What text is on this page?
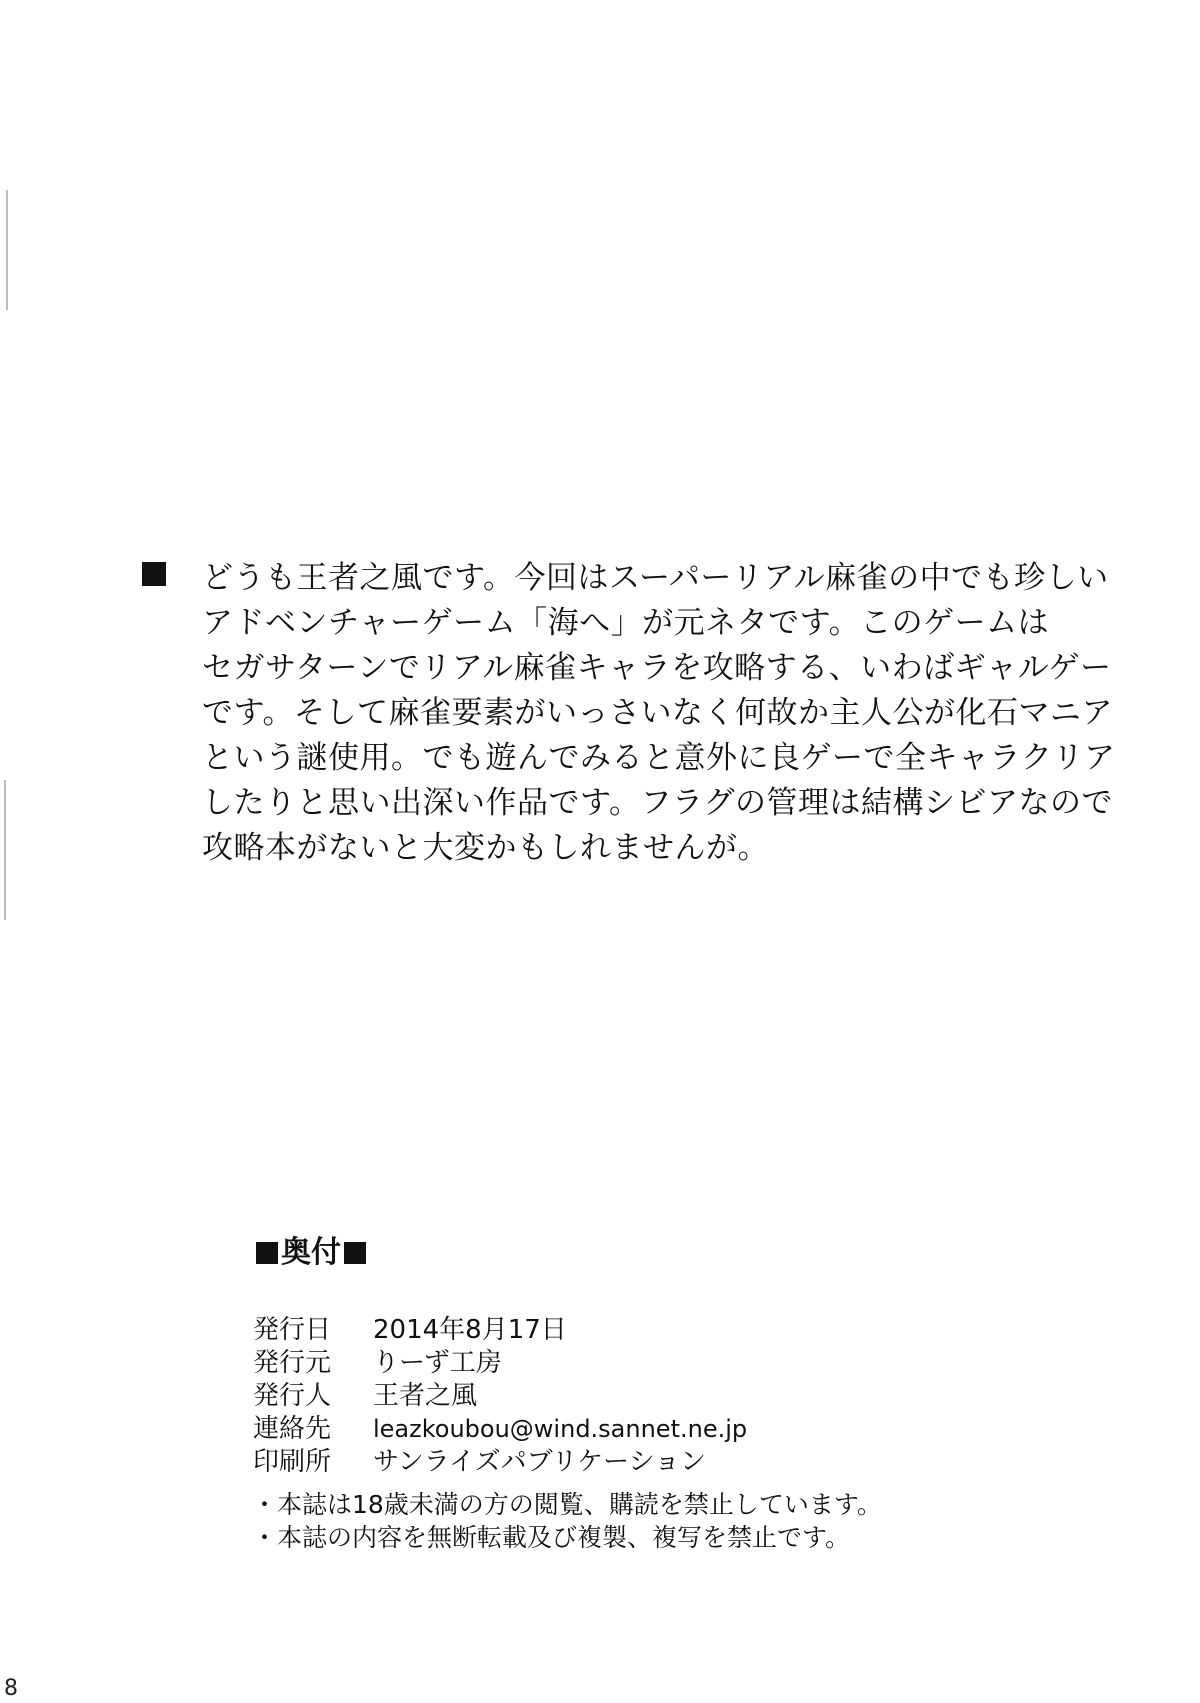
どうも王者之風です。今回はスーパーリアル麻雀の中でも珍しい
アドベンチャーゲーム「海へ」が元ネタです。このゲームは
セガサターンでリアル麻雀キャラを攻略する、いわばギャルゲー
です。そして麻雀要素がいっさいなく何故か主人公が化石マニア
という謎使用。でも遊んでみると意外に良ゲーで全キャラクリア
したりと思い出深い作品です。フラグの管理は結構シビアなので
攻略本がないと大変かもしれませんが。
奥付
発行日	2014年8月17日
発行元	りーず工房
発行人	王者之風
連絡先	leazkoubou@wind.sannet.ne.jp
印刷所	サンライズパブリケーション
・本誌は18歳未満の方の閲覧、購読を禁止しています。
・本誌の内容を無断転載及び複製、複写を禁止です。
8
